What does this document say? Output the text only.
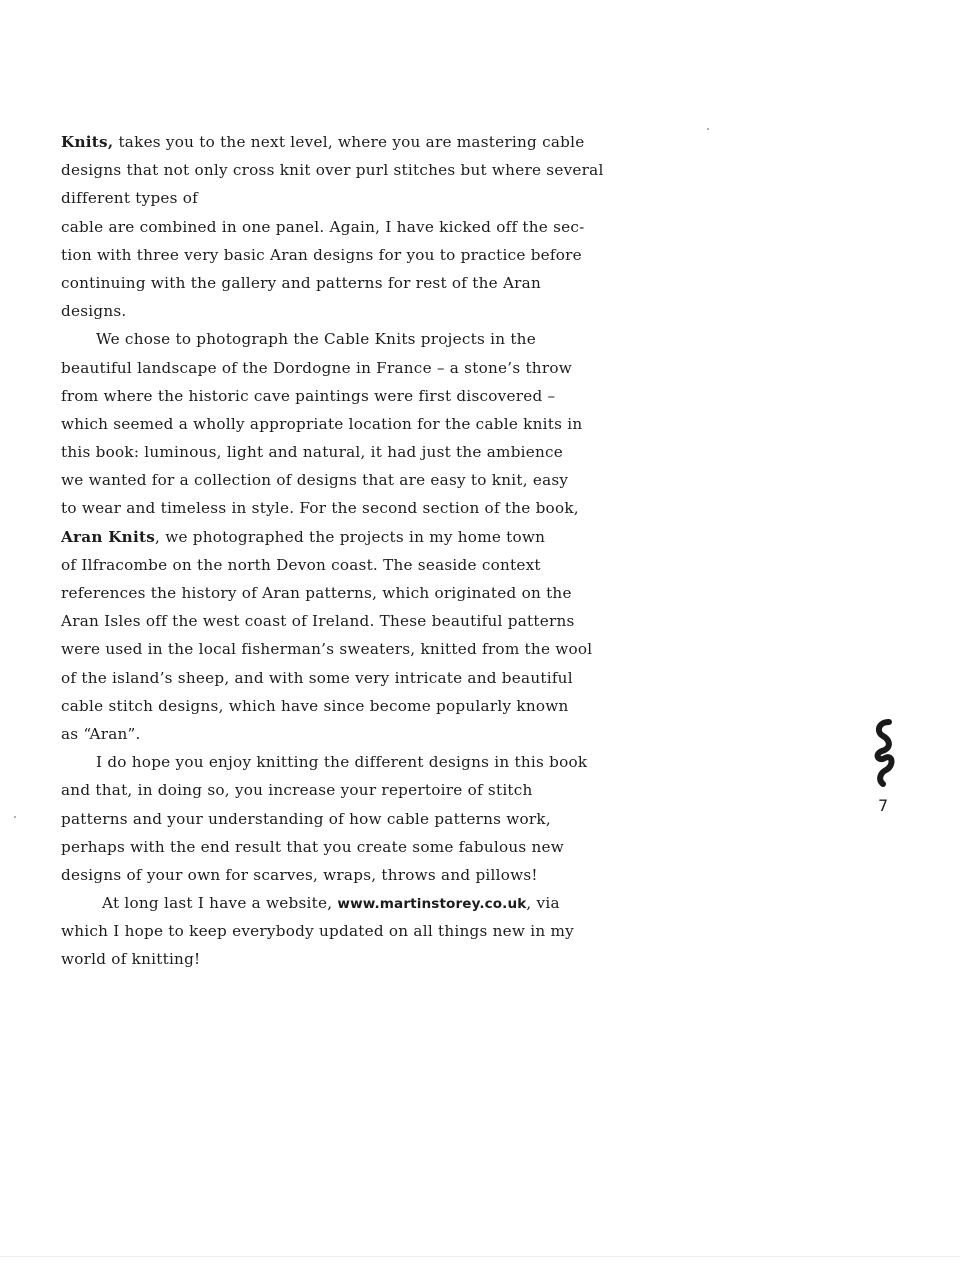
Knits, takes you to the next level, where you are mastering cable
designs that not only cross knit over purl stitches but where several
different types of
cable are combined in one panel. Again, I have kicked off the sec-
tion with three very basic Aran designs for you to practice before
continuing with the gallery and patterns for rest of the Aran
designs.
We chose to photograph the Cable Knits projects in the
beautiful landscape of the Dordogne in France – a stone’s throw
from where the historic cave paintings were first discovered –
which seemed a wholly appropriate location for the cable knits in
this book: luminous, light and natural, it had just the ambience
we wanted for a collection of designs that are easy to knit, easy
to wear and timeless in style. For the second section of the book,
Aran Knits, we photographed the projects in my home town
of Ilfracombe on the north Devon coast. The seaside context
references the history of Aran patterns, which originated on the
Aran Isles off the west coast of Ireland. These beautiful patterns
were used in the local fisherman’s sweaters, knitted from the wool
of the island’s sheep, and with some very intricate and beautiful
cable stitch designs, which have since become popularly known
as “Aran”.
I do hope you enjoy knitting the different designs in this book
and that, in doing so, you increase your repertoire of stitch
patterns and your understanding of how cable patterns work,
perhaps with the end result that you create some fabulous new
designs of your own for scarves, wraps, throws and pillows!
At long last I have a website, www.martinstorey.co.uk, via
which I hope to keep everybody updated on all things new in my
world of knitting!
7
